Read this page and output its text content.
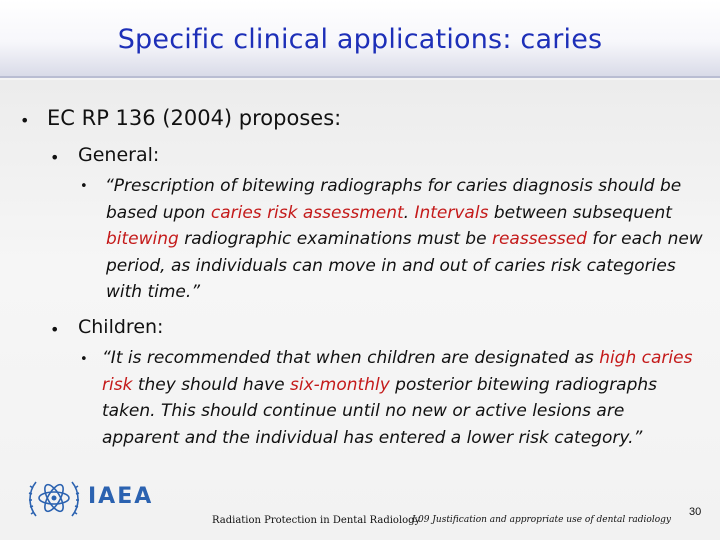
Specific clinical applications: caries
• EC RP 136 (2004) proposes:
• General:
• “Prescription of bitewing radiographs for caries diagnosis should be based upon caries risk assessment. Intervals between subsequent bitewing radiographic examinations must be reassessed for each new period, as individuals can move in and out of caries risk categories with time.”
• Children:
• “It is recommended that when children are designated as high caries risk they should have six-monthly posterior bitewing radiographs taken. This should continue until no new or active lesions are apparent and the individual has entered a lower risk category.”
IAEA
Radiation Protection in Dental Radiology
L09 Justification and appropriate use of dental radiology
30
